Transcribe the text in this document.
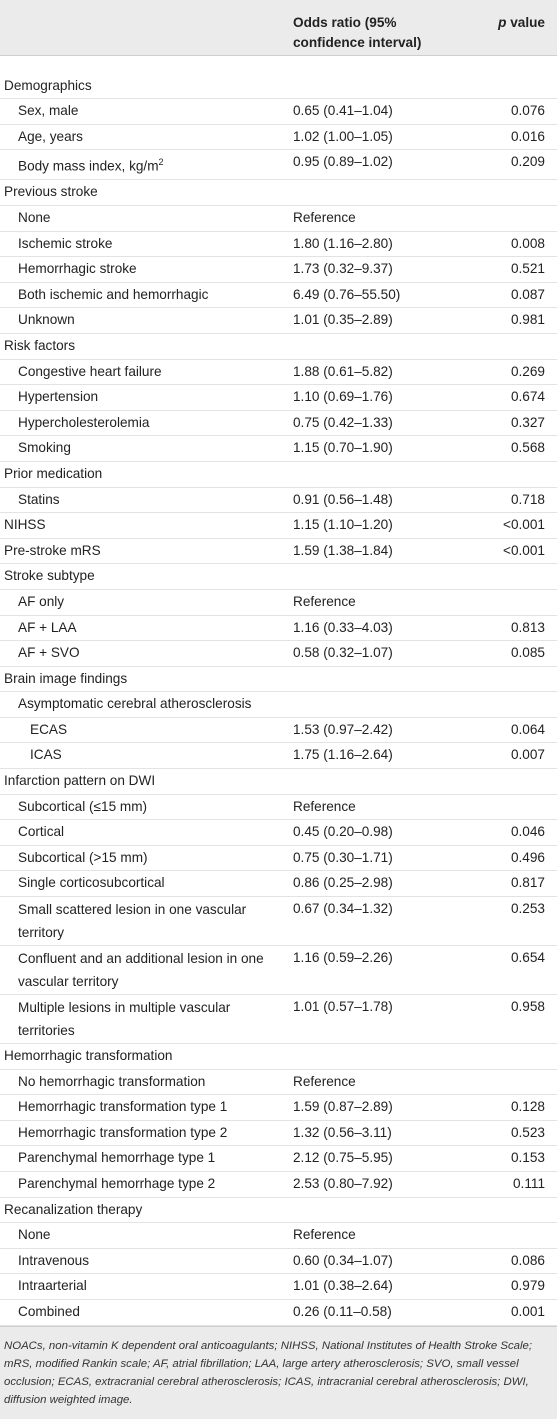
	Odds ratio (95%
confidence interval)	p value

Demographics		
Sex, male	0.65 (0.41–1.04)	0.076
Age, years	1.02 (1.00–1.05)	0.016
Body mass index, $kg/m^2$	0.95 (0.89–1.02)	0.209
Previous stroke		
None	Reference	
Ischemic stroke	1.80 (1.16–2.80)	0.008
Hemorrhagic stroke	1.73 (0.32–9.37)	0.521
Both ischemic and hemorrhagic	6.49 (0.76–55.50)	0.087
Unknown	1.01 (0.35–2.89)	0.981
Risk factors		
Congestive heart failure	1.88 (0.61–5.82)	0.269
Hypertension	1.10 (0.69–1.76)	0.674
Hypercholesterolemia	0.75 (0.42–1.33)	0.327
Smoking	1.15 (0.70–1.90)	0.568
Prior medication		
Statins	0.91 (0.56–1.48)	0.718
NIHSS	1.15 (1.10–1.20)	<0.001
Pre-stroke mRS	1.59 (1.38–1.84)	<0.001
Stroke subtype		
AF only	Reference	
AF + LAA	1.16 (0.33–4.03)	0.813
AF + SVO	0.58 (0.32–1.07)	0.085
Brain image findings		
Asymptomatic cerebral atherosclerosis		
ECAS	1.53 (0.97–2.42)	0.064
ICAS	1.75 (1.16–2.64)	0.007
Infarction pattern on DWI		
Subcortical (≤15 mm)	Reference	
Cortical	0.45 (0.20–0.98)	0.046
Subcortical (>15 mm)	0.75 (0.30–1.71)	0.496
Single corticosubcortical	0.86 (0.25–2.98)	0.817
Small scattered lesion in one vascular territory	0.67 (0.34–1.32)	0.253
Confluent and an additional lesion in one vascular territory	1.16 (0.59–2.26)	0.654
Multiple lesions in multiple vascular territories	1.01 (0.57–1.78)	0.958
Hemorrhagic transformation		
No hemorrhagic transformation	Reference	
Hemorrhagic transformation type 1	1.59 (0.87–2.89)	0.128
Hemorrhagic transformation type 2	1.32 (0.56–3.11)	0.523
Parenchymal hemorrhage type 1	2.12 (0.75–5.95)	0.153
Parenchymal hemorrhage type 2	2.53 (0.80–7.92)	0.111
Recanalization therapy		
None	Reference	
Intravenous	0.60 (0.34–1.07)	0.086
Intraarterial	1.01 (0.38–2.64)	0.979
Combined	0.26 (0.11–0.58)	0.001
NOACs, non-vitamin K dependent oral anticoagulants; NIHSS, National Institutes of Health Stroke Scale; mRS, modified Rankin scale; AF, atrial fibrillation; LAA, large artery atherosclerosis; SVO, small vessel occlusion; ECAS, extracranial cerebral atherosclerosis; ICAS, intracranial cerebral atherosclerosis; DWI, diffusion weighted image.
